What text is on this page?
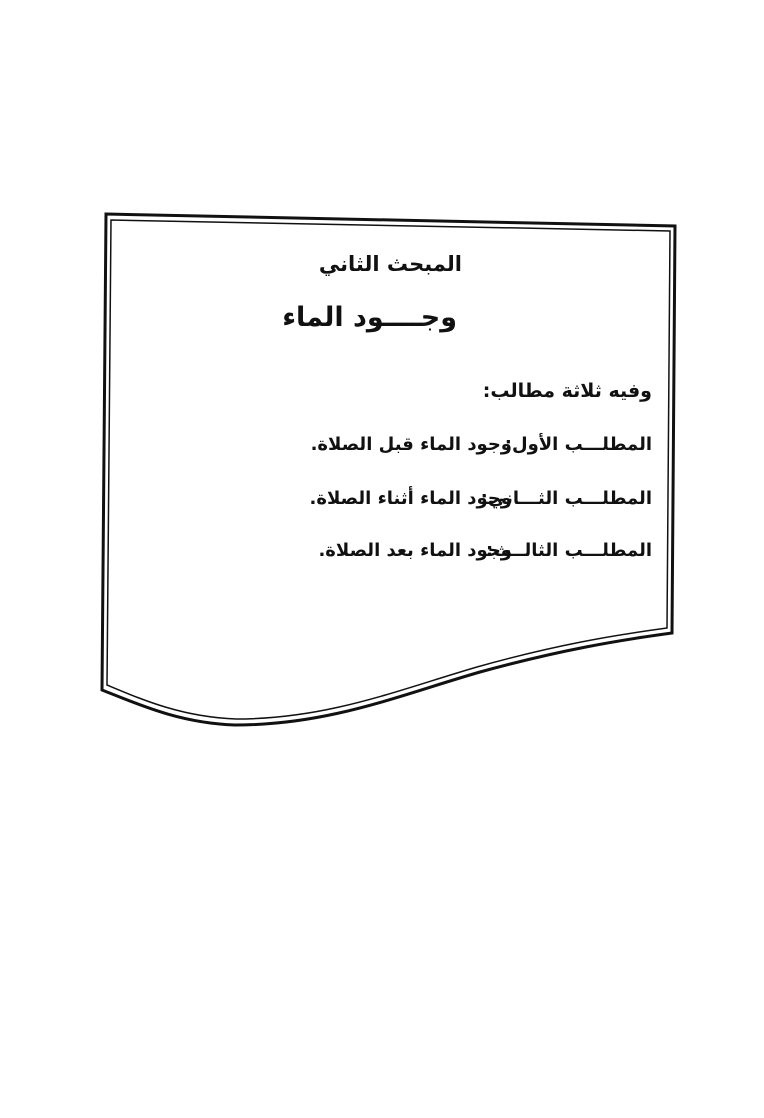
المبحث الثاني
وجــــود الماء
وفيه ثلاثة مطالب:
المطلـــب الأول:وجود الماء قبل الصلاة.
المطلـــب الثـــاني:وجود الماء أثناء الصلاة.
المطلـــب الثالــث:وجود الماء بعد الصلاة.
